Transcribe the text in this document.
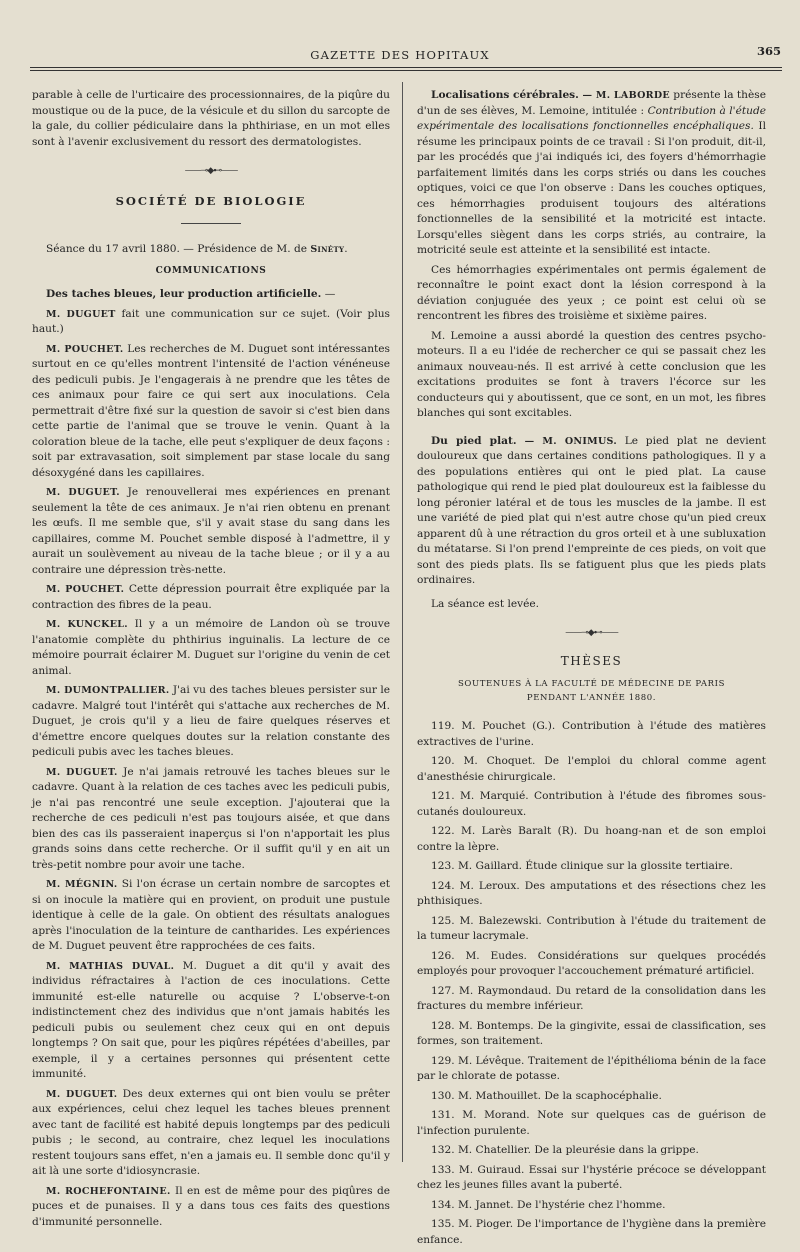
GAZETTE DES HOPITAUX	365

parable à celle de l'urticaire des processionnaires, de la piqûre du moustique ou de la puce, de la vésicule et du sillon du sarcopte de la gale, du collier pédiculaire dans la phthiriase, en un mot elles sont à l'avenir exclusivement du ressort des dermatologistes.

——⊸◆⊷——
SOCIÉTÉ DE BIOLOGIE

Séance du 17 avril 1880. — Présidence de M. de Sinéty.

COMMUNICATIONS

Des taches bleues, leur production artificielle. —

M. DUGUET fait une communication sur ce sujet. (Voir plus haut.)

M. POUCHET. Les recherches de M. Duguet sont intéressantes surtout en ce qu'elles montrent l'intensité de l'action vénéneuse des pediculi pubis. Je l'engagerais à ne prendre que les têtes de ces animaux pour faire ce qui sert aux inoculations. Cela permettrait d'être fixé sur la question de savoir si c'est bien dans cette partie de l'animal que se trouve le venin. Quant à la coloration bleue de la tache, elle peut s'expliquer de deux façons : soit par extravasation, soit simplement par stase locale du sang désoxygéné dans les capillaires.

M. DUGUET. Je renouvellerai mes expériences en prenant seulement la tête de ces animaux. Je n'ai rien obtenu en prenant les œufs. Il me semble que, s'il y avait stase du sang dans les capillaires, comme M. Pouchet semble disposé à l'admettre, il y aurait un soulèvement au niveau de la tache bleue ; or il y a au contraire une dépression très-nette.

M. POUCHET. Cette dépression pourrait être expliquée par la contraction des fibres de la peau.

M. KUNCKEL. Il y a un mémoire de Landon où se trouve l'anatomie complète du phthirius inguinalis. La lecture de ce mémoire pourrait éclairer M. Duguet sur l'origine du venin de cet animal.

M. DUMONTPALLIER. J'ai vu des taches bleues persister sur le cadavre. Malgré tout l'intérêt qui s'attache aux recherches de M. Duguet, je crois qu'il y a lieu de faire quelques réserves et d'émettre encore quelques doutes sur la relation constante des pediculi pubis avec les taches bleues.

M. DUGUET. Je n'ai jamais retrouvé les taches bleues sur le cadavre. Quant à la relation de ces taches avec les pediculi pubis, je n'ai pas rencontré une seule exception. J'ajouterai que la recherche de ces pediculi n'est pas toujours aisée, et que dans bien des cas ils passeraient inaperçus si l'on n'apportait les plus grands soins dans cette recherche. Or il suffit qu'il y en ait un très-petit nombre pour avoir une tache.

M. MÉGNIN. Si l'on écrase un certain nombre de sarcoptes et si on inocule la matière qui en provient, on produit une pustule identique à celle de la gale. On obtient des résultats analogues après l'inoculation de la teinture de cantharides. Les expériences de M. Duguet peuvent être rapprochées de ces faits.

M. MATHIAS DUVAL. M. Duguet a dit qu'il y avait des individus réfractaires à l'action de ces inoculations. Cette immunité est-elle naturelle ou acquise ? L'observe-t-on indistinctement chez des individus que n'ont jamais habités les pediculi pubis ou seulement chez ceux qui en ont depuis longtemps ? On sait que, pour les piqûres répétées d'abeilles, par exemple, il y a certaines personnes qui présentent cette immunité.

M. DUGUET. Des deux externes qui ont bien voulu se prêter aux expériences, celui chez lequel les taches bleues prennent avec tant de facilité est habité depuis longtemps par des pediculi pubis ; le second, au contraire, chez lequel les inoculations restent toujours sans effet, n'en a jamais eu. Il semble donc qu'il y ait là une sorte d'idiosyncrasie.

M. ROCHEFONTAINE. Il en est de même pour des piqûres de puces et de punaises. Il y a dans tous ces faits des questions d'immunité personnelle.

Localisations cérébrales. — M. LABORDE présente la thèse d'un de ses élèves, M. Lemoine, intitulée : Contribution à l'étude expérimentale des localisations fonctionnelles encéphaliques. Il résume les principaux points de ce travail : Si l'on produit, dit-il, par les procédés que j'ai indiqués ici, des foyers d'hémorrhagie parfaitement limités dans les corps striés ou dans les couches optiques, voici ce que l'on observe : Dans les couches optiques, ces hémorrhagies produisent toujours des altérations fonctionnelles de la sensibilité et la motricité est intacte. Lorsqu'elles siègent dans les corps striés, au contraire, la motricité seule est atteinte et la sensibilité est intacte.

Ces hémorrhagies expérimentales ont permis également de reconnaître le point exact dont la lésion correspond à la déviation conjuguée des yeux ; ce point est celui où se rencontrent les fibres des troisième et sixième paires.

M. Lemoine a aussi abordé la question des centres psycho-moteurs. Il a eu l'idée de rechercher ce qui se passait chez les animaux nouveau-nés. Il est arrivé à cette conclusion que les excitations produites se font à travers l'écorce sur les conducteurs qui y aboutissent, que ce sont, en un mot, les fibres blanches qui sont excitables.

Du pied plat. — M. ONIMUS. Le pied plat ne devient douloureux que dans certaines conditions pathologiques. Il y a des populations entières qui ont le pied plat. La cause pathologique qui rend le pied plat douloureux est la faiblesse du long péronier latéral et de tous les muscles de la jambe. Il est une variété de pied plat qui n'est autre chose qu'un pied creux apparent dû à une rétraction du gros orteil et à une subluxation du métatarse. Si l'on prend l'empreinte de ces pieds, on voit que sont des pieds plats. Ils se fatiguent plus que les pieds plats ordinaires.

La séance est levée.

——⊸◆⊷——
THÈSES
SOUTENUES À LA FACULTÉ DE MÉDECINE DE PARIS
PENDANT L'ANNÉE 1880.

119. M. Pouchet (G.). Contribution à l'étude des matières extractives de l'urine.

120. M. Choquet. De l'emploi du chloral comme agent d'anesthésie chirurgicale.

121. M. Marquié. Contribution à l'étude des fibromes sous-cutanés douloureux.

122. M. Larès Baralt (R). Du hoang-nan et de son emploi contre la lèpre.

123. M. Gaillard. Étude clinique sur la glossite tertiaire.

124. M. Leroux. Des amputations et des résections chez les phthisiques.

125. M. Balezewski. Contribution à l'étude du traitement de la tumeur lacrymale.

126. M. Eudes. Considérations sur quelques procédés employés pour provoquer l'accouchement prématuré artificiel.

127. M. Raymondaud. Du retard de la consolidation dans les fractures du membre inférieur.

128. M. Bontemps. De la gingivite, essai de classification, ses formes, son traitement.

129. M. Lévêque. Traitement de l'épithélioma bénin de la face par le chlorate de potasse.

130. M. Mathouillet. De la scaphocéphalie.

131. M. Morand. Note sur quelques cas de guérison de l'infection purulente.

132. M. Chatellier. De la pleurésie dans la grippe.

133. M. Guiraud. Essai sur l'hystérie précoce se développant chez les jeunes filles avant la puberté.

134. M. Jannet. De l'hystérie chez l'homme.

135. M. Pioger. De l'importance de l'hygiène dans la première enfance.
